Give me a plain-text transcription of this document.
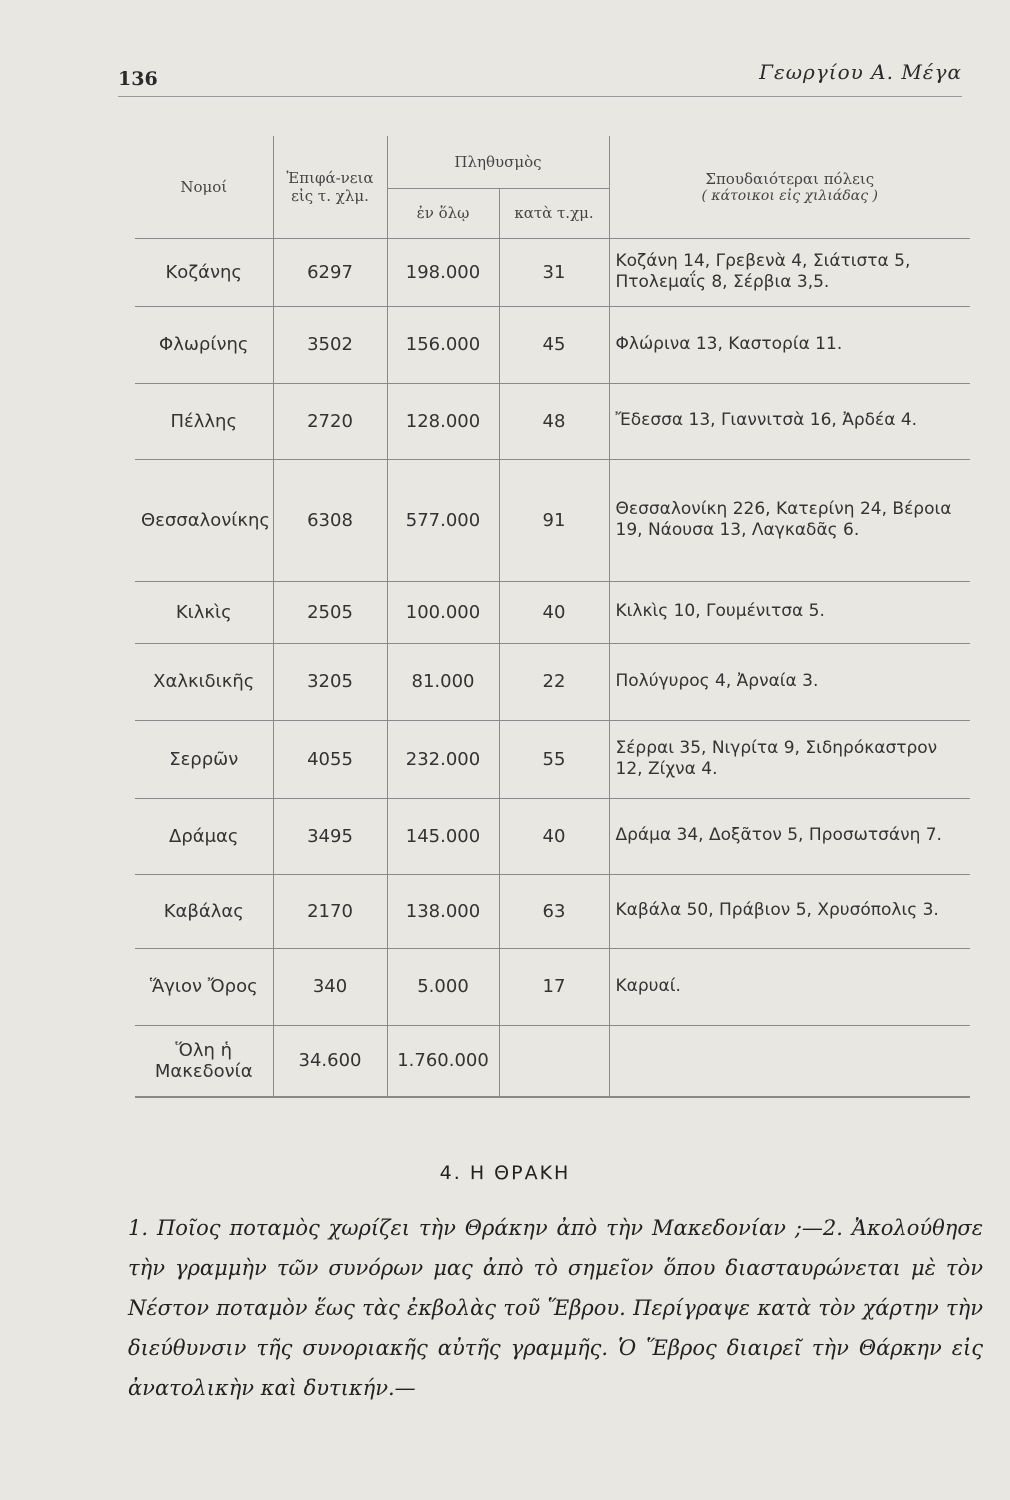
136	Γεωργίου Α. Μέγα
Νομοί	Ἐπιφά-νεια εἰς τ. χλμ.	Πληθυσμὸς		Σπουδαιότεραι πόλεις
( κάτοικοι εἰς χιλιάδας )

		ἐν ὅλῳ	κατὰ τ.χμ.	
Κοζάνης	6297	198.000	31	Κοζάνη 14, Γρεβενὰ 4, Σιάτιστα 5, Πτολεμαΐς 8, Σέρβια 3,5.
Φλωρίνης	3502	156.000	45	Φλώρινα 13, Καστορία 11.
Πέλλης	2720	128.000	48	Ἔδεσσα 13, Γιαννιτσὰ 16, Ἀρδέα 4.
Θεσσαλονίκης	6308	577.000	91	Θεσσαλονίκη 226, Κατερίνη 24, Βέροια 19, Νάουσα 13, Λαγκαδᾶς 6.
Κιλκὶς	2505	100.000	40	Κιλκὶς 10, Γουμένιτσα 5.
Χαλκιδικῆς	3205	81.000	22	Πολύγυρος 4, Ἀρναία 3.
Σερρῶν	4055	232.000	55	Σέρραι 35, Νιγρίτα 9, Σιδηρόκαστρον 12, Ζίχνα 4.
Δράμας	3495	145.000	40	Δράμα 34, Δοξᾶτον 5, Προσωτσάνη 7.
Καβάλας	2170	138.000	63	Καβάλα 50, Πράβιον 5, Χρυσόπολις 3.
Ἅγιον Ὄρος	340	5.000	17	Καρυαί.
Ὅλη ἡ Μακεδονία	34.600	1.760.000		
4. Η ΘΡΑΚΗ
1. Ποῖος ποταμὸς χωρίζει τὴν Θράκην ἀπὸ τὴν Μακεδονίαν ;—2. Ἀκολούθησε τὴν γραμμὴν τῶν συνόρων μας ἀπὸ τὸ σημεῖον ὅπου διασταυρώνεται μὲ τὸν Νέστον ποταμὸν ἕως τὰς ἐκβολὰς τοῦ Ἕβρου. Περίγραψε κατὰ τὸν χάρτην τὴν διεύθυνσιν τῆς συνοριακῆς αὐτῆς γραμμῆς. Ὁ Ἕβρος διαιρεῖ τὴν Θάρκην εἰς ἀνατολικὴν καὶ δυτικήν.—
